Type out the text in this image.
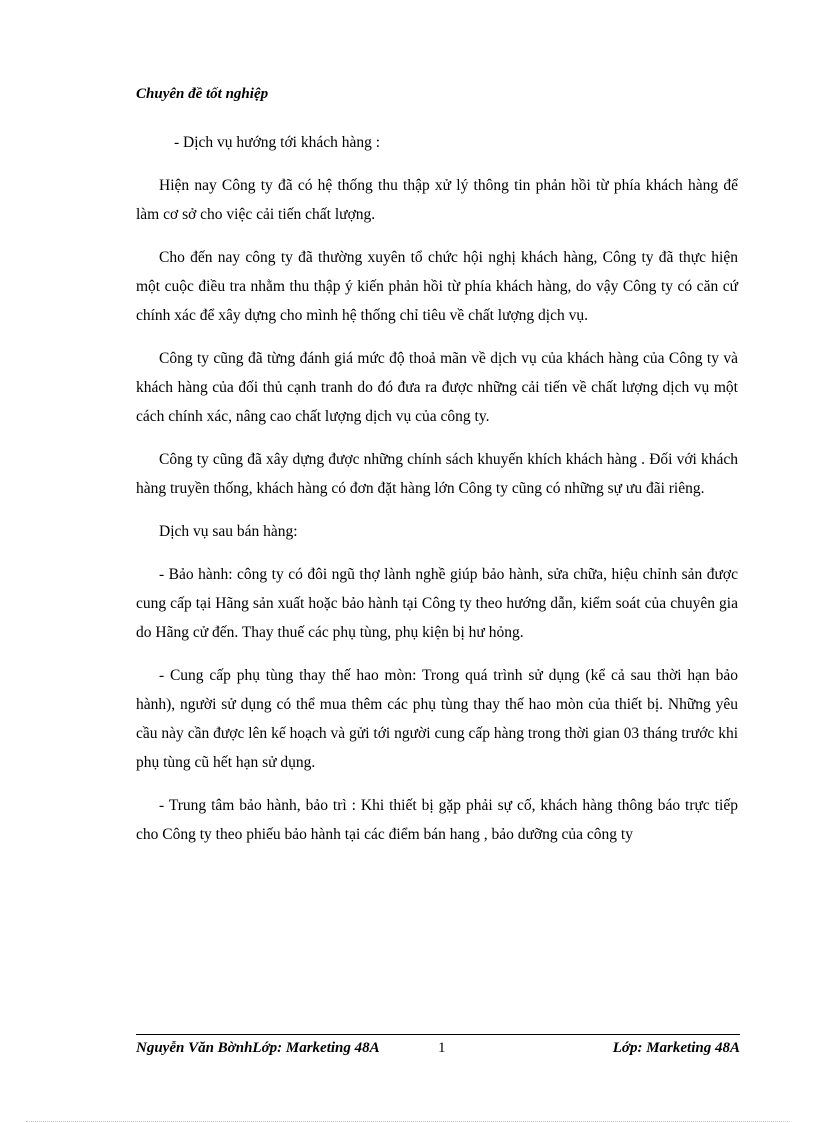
Chuyên đề tốt nghiệp

- Dịch vụ hướng tới khách hàng :

Hiện nay Công ty đã có hệ thống thu thập xử lý thông tin phản hồi từ phía khách hàng để làm cơ sở cho việc cải tiến chất lượng.

Cho đến nay công ty đã thường xuyên tổ chức hội nghị khách hàng, Công ty đã thực hiện một cuộc điều tra nhằm thu thập ý kiến phản hồi từ phía khách hàng, do vậy Công ty có căn cứ chính xác để xây dựng cho mình hệ thống chỉ tiêu về chất lượng dịch vụ.

Công ty cũng đã từng đánh giá mức độ thoả mãn về dịch vụ của khách hàng của Công ty và khách hàng của đối thủ cạnh tranh do đó đưa ra được những cải tiến về chất lượng dịch vụ một cách chính xác, nâng cao chất lượng dịch vụ của công ty.

Công ty cũng đã xây dựng được những chính sách khuyến khích khách hàng . Đối với khách hàng truyền thống, khách hàng có đơn đặt hàng lớn Công ty cũng có những sự ưu đãi riêng.

Dịch vụ sau bán hàng:

- Bảo hành: công ty có đôi ngũ thợ lành nghề giúp bảo hành, sửa chữa, hiệu chỉnh sản được cung cấp tại Hãng sản xuất hoặc bảo hành tại Công ty theo hướng dẫn, kiểm soát của chuyên gia do Hãng cử đến. Thay thuế các phụ tùng, phụ kiện bị hư hỏng.

- Cung cấp phụ tùng thay thế hao mòn: Trong quá trình sử dụng (kể cả sau thời hạn bảo hành), người sử dụng có thể mua thêm các phụ tùng thay thế hao mòn của thiết bị. Những yêu cầu này cần được lên kế hoạch và gửi tới người cung cấp hàng trong thời gian 03 tháng trước khi phụ tùng cũ hết hạn sử dụng.

- Trung tâm bảo hành, bảo trì : Khi thiết bị gặp phải sự cố, khách hàng thông báo trực tiếp cho Công ty theo phiếu bảo hành tại các điểm bán hang , bảo dưỡng của công ty

Nguyễn Văn BờnhLớp: Marketing 48A	1	Lớp: Marketing 48A
